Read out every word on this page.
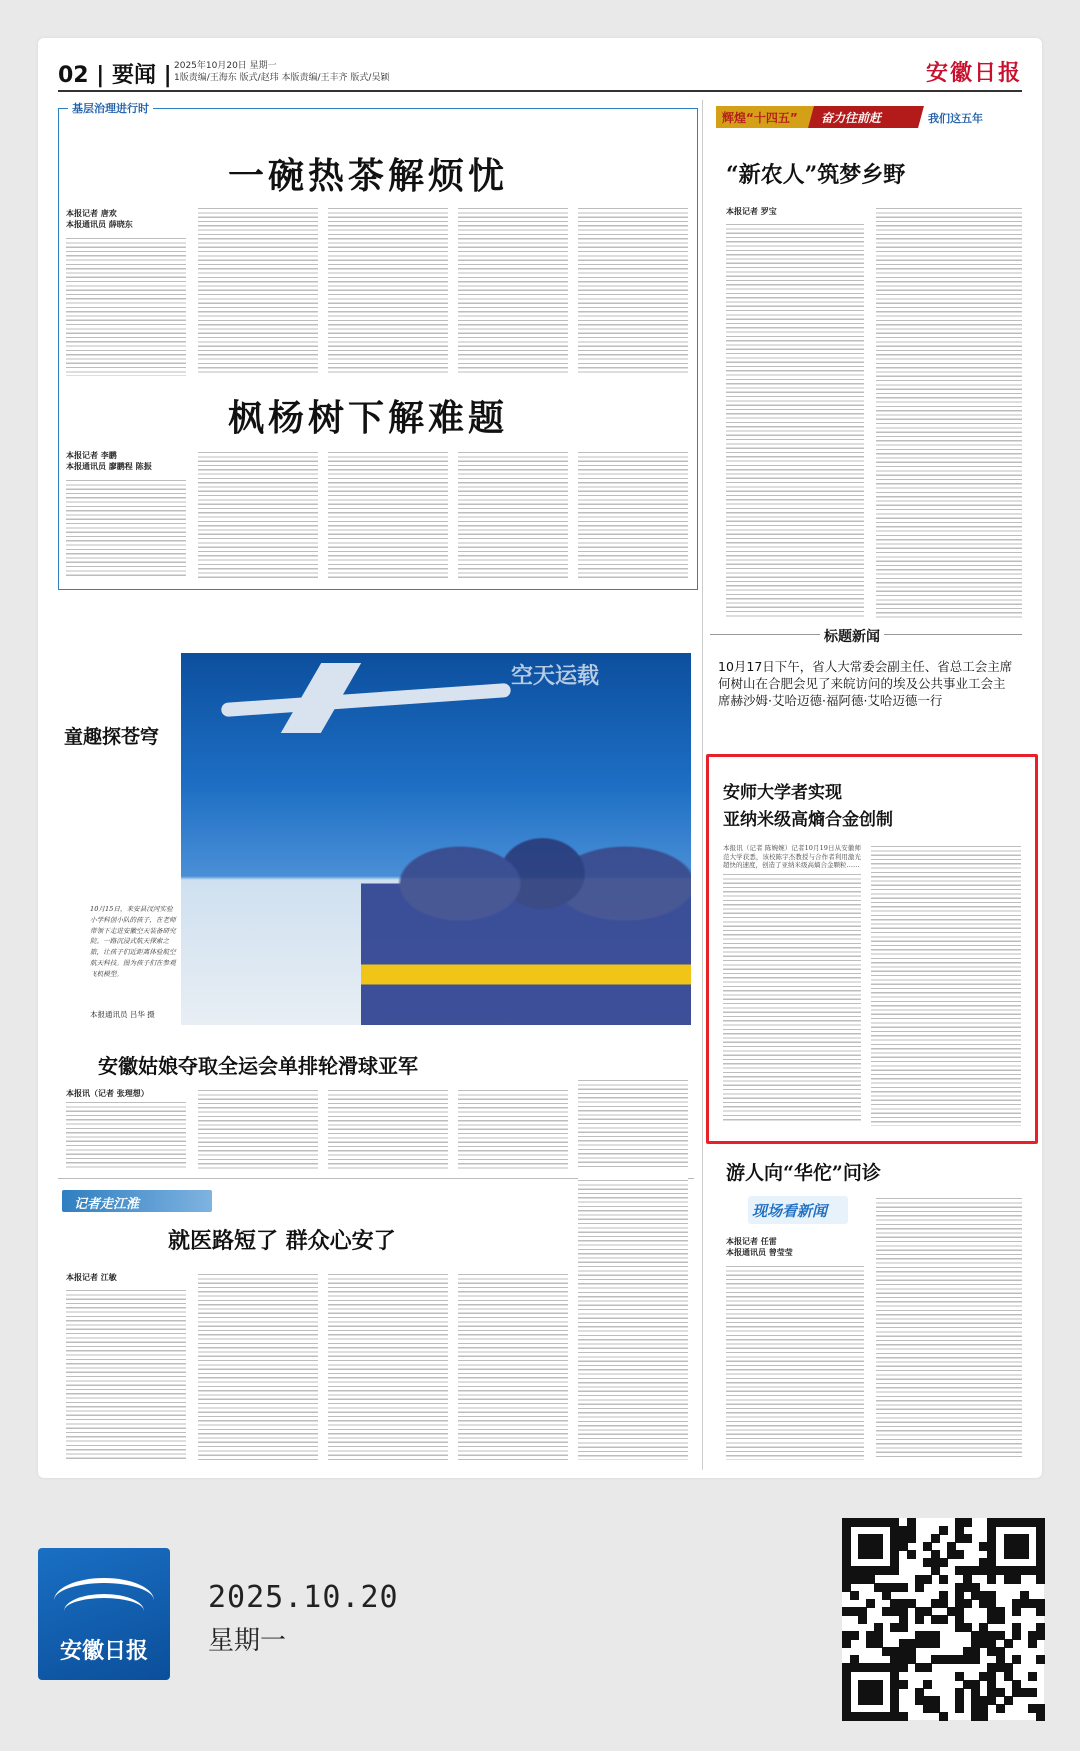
02 | 要闻 | 2025年10月20日 星期一
1版责编/王海东 版式/赵玮 本版责编/王丰齐 版式/吴颖	安徽日报
基层治理进行时
一碗热茶解烦忧
本报记者 唐欢
本报通讯员 薛晓东
枫杨树下解难题
本报记者 李鹏
本报通讯员 廖鹏程 陈振
辉煌“十四五” 奋力往前赶	我们这五年
“新农人”筑梦乡野
本报记者 罗宝
标题新闻
10月17日下午，省人大常委会副主任、省总工会主席何树山在合肥会见了来皖访问的埃及公共事业工会主席赫沙姆·艾哈迈德·福阿德·艾哈迈德一行
童趣探苍穹
空天运载
10月15日，来安县汊河实验小学科创小队的孩子，在老师带领下走进安徽空天装备研究院。一路沉浸式航天探索之旅，让孩子们近距离体验航空航天科技。图为孩子们在参观飞机模型。
本报通讯员 吕华 摄
安师大学者实现
亚纳米级高熵合金创制
本报讯（记者 陈婉婉）记者10月19日从安徽师范大学获悉，该校陈宇杰教授与合作者利用激光超快的速度，创造了亚纳米级高熵合金颗粒……
安徽姑娘夺取全运会单排轮滑球亚军
本报讯（记者 张理想）
游人向“华佗”问诊
现场看新闻
本报记者 任雷
本报通讯员 曾莹莹
记者走江淮
就医路短了 群众心安了
本报记者 江敏
安徽日报
2025.10.20
星期一
